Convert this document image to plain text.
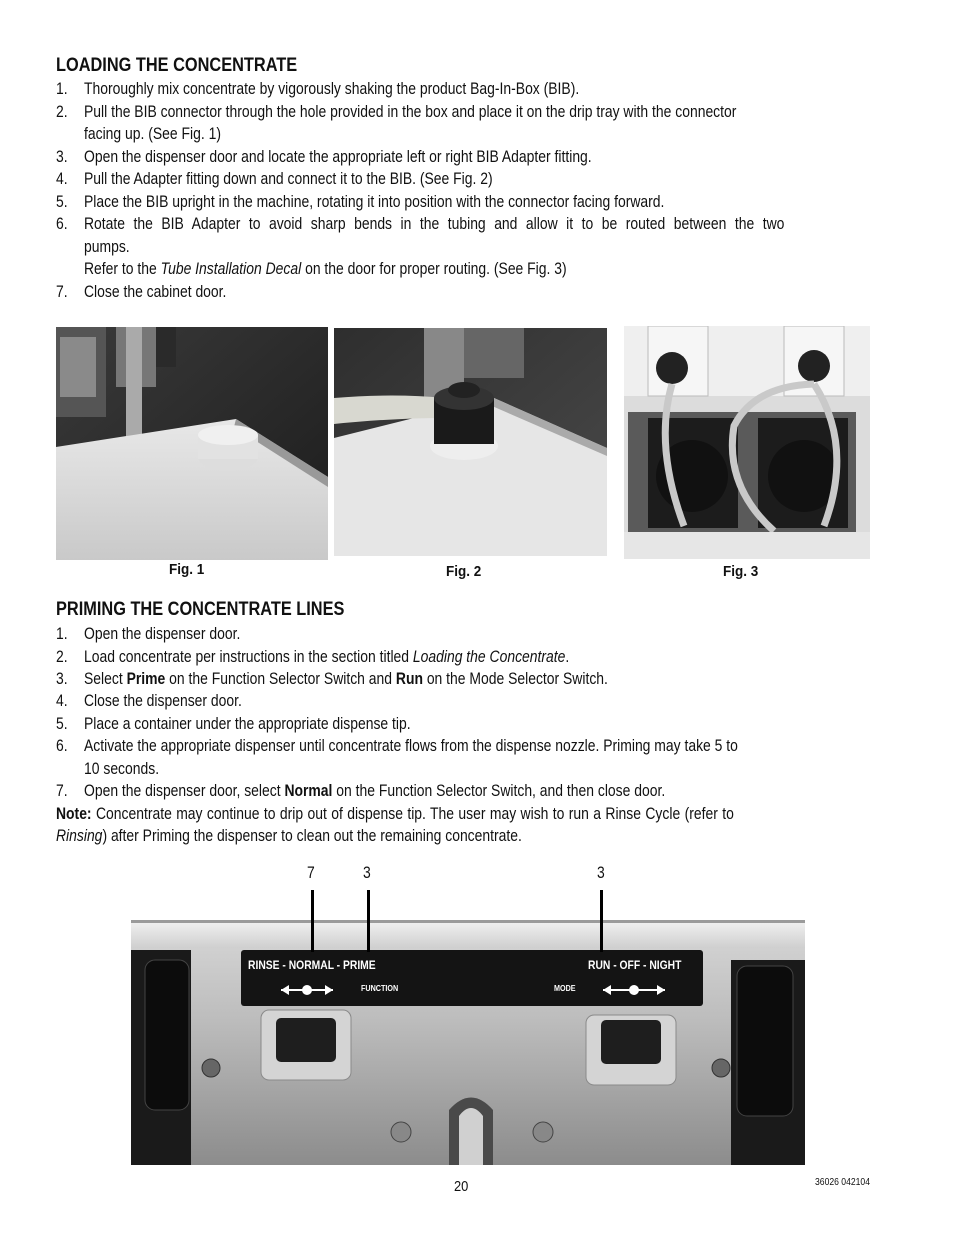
LOADING THE CONCENTRATE
1. Thoroughly mix concentrate by vigorously shaking the product Bag-In-Box (BIB).
2. Pull the BIB connector through the hole provided in the box and place it on the drip tray with the connector
facing up. (See Fig. 1)
3. Open the dispenser door and locate the appropriate left or right BIB Adapter fitting.
4. Pull the Adapter fitting down and connect it to the BIB. (See Fig. 2)
5. Place the BIB upright in the machine, rotating it into position with the connector facing forward.
6. Rotate the BIB Adapter to avoid sharp bends in the tubing and allow it to be routed between the two
pumps.
Refer to the Tube Installation Decal on the door for proper routing. (See Fig. 3)
7. Close the cabinet door.
Fig. 1	Fig. 2	Fig. 3
PRIMING THE CONCENTRATE LINES
1. Open the dispenser door.
2. Load concentrate per instructions in the section titled Loading the Concentrate.
3. Select Prime on the Function Selector Switch and Run on the Mode Selector Switch.
4. Close the dispenser door.
5. Place a container under the appropriate dispense tip.
6. Activate the appropriate dispenser until concentrate flows from the dispense nozzle. Priming may take 5 to
10 seconds.
7. Open the dispenser door, select Normal on the Function Selector Switch, and then close door.
Note: Concentrate may continue to drip out of dispense tip. The user may wish to run a Rinse Cycle (refer to
Rinsing) after Priming the dispenser to clean out the remaining concentrate.
7	3	3
RINSE - NORMAL - PRIME
FUNCTION
RUN - OFF - NIGHT
MODE
20	36026 042104
